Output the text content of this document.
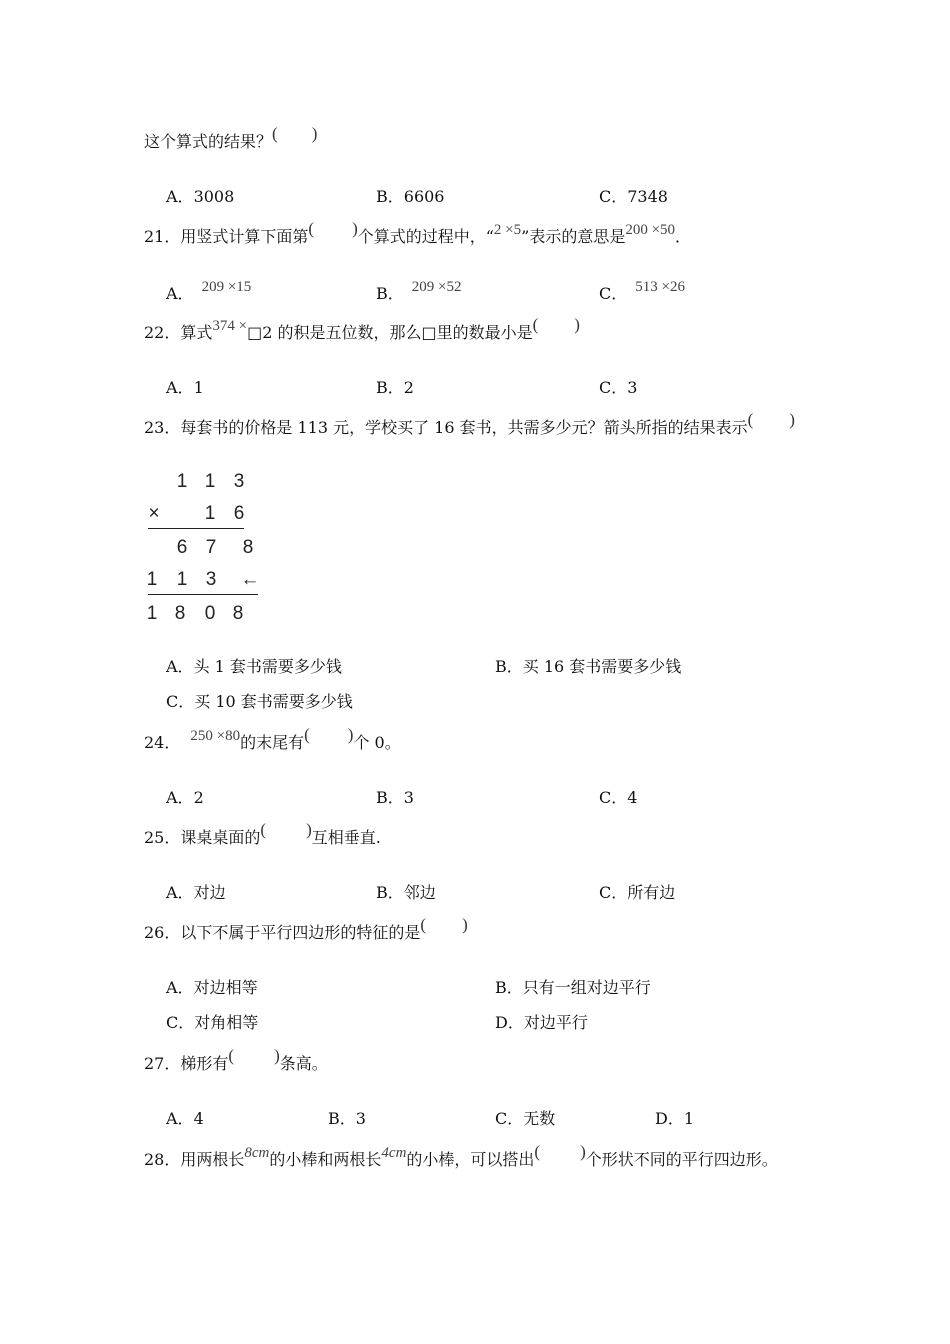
这个算式的结果？( )
A．3008	B．6606	C．7348
21．用竖式计算下面第( )个算式的过程中，“2 ×5”表示的意思是200 ×50．
A． 209 ×15	B． 209 ×52	C． 513 ×26
22．算式374 ×□2 的积是五位数，那么□里的数最小是( )
A．1	B．2	C．3
23．每套书的价格是 113 元，学校买了 16 套书，共需多少元？箭头所指的结果表示( )
1 1 3
× 1 6
6 7 8
1 1 3 ←
1 8 0 8
A．头 1 套书需要多少钱	B．买 16 套书需要多少钱
C．买 10 套书需要多少钱
24． 250 ×80的末尾有( )个 0。
A．2	B．3	C．4
25．课桌桌面的( )互相垂直.
A．对边	B．邻边	C．所有边
26．以下不属于平行四边形的特征的是( )
A．对边相等	B．只有一组对边平行
C．对角相等	D．对边平行
27．梯形有( )条高。
A．4	B．3	C．无数	D．1
28．用两根长8cm的小棒和两根长4cm的小棒，可以搭出( )个形状不同的平行四边形。
